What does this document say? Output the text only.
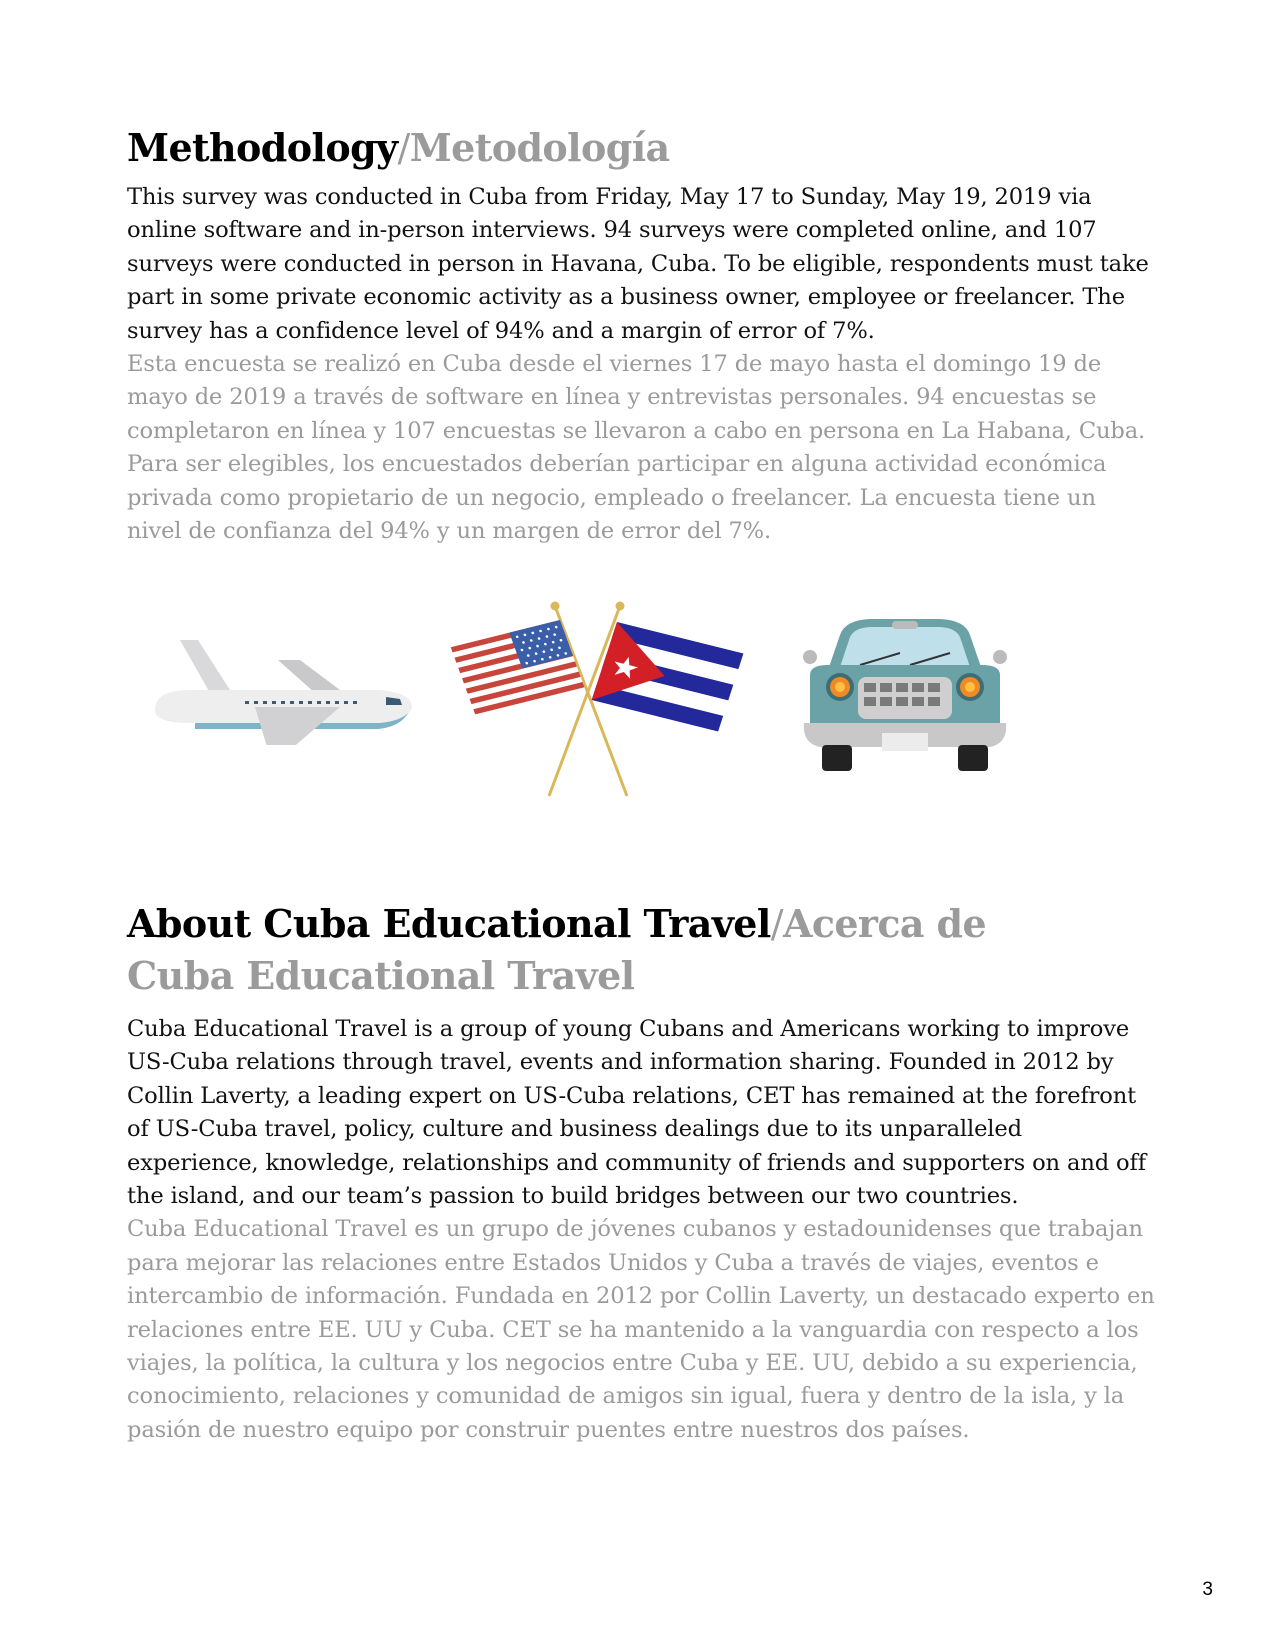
Methodology/Metodología

This survey was conducted in Cuba from Friday, May 17 to Sunday, May 19, 2019 via online software and in-person interviews. 94 surveys were completed online, and 107 surveys were conducted in person in Havana, Cuba. To be eligible, respondents must take part in some private economic activity as a business owner, employee or freelancer. The survey has a confidence level of 94% and a margin of error of 7%.

Esta encuesta se realizó en Cuba desde el viernes 17 de mayo hasta el domingo 19 de mayo de 2019 a través de software en línea y entrevistas personales. 94 encuestas se completaron en línea y 107 encuestas se llevaron a cabo en persona en La Habana, Cuba. Para ser elegibles, los encuestados deberían participar en alguna actividad económica privada como propietario de un negocio, empleado o freelancer. La encuesta tiene un nivel de confianza del 94% y un margen de error del 7%.

About Cuba Educational Travel/Acerca de Cuba Educational Travel

Cuba Educational Travel is a group of young Cubans and Americans working to improve US-Cuba relations through travel, events and information sharing. Founded in 2012 by Collin Laverty, a leading expert on US-Cuba relations, CET has remained at the forefront of US-Cuba travel, policy, culture and business dealings due to its unparalleled experience, knowledge, relationships and community of friends and supporters on and off the island, and our team’s passion to build bridges between our two countries.

Cuba Educational Travel es un grupo de jóvenes cubanos y estadounidenses que trabajan para mejorar las relaciones entre Estados Unidos y Cuba a través de viajes, eventos e intercambio de información. Fundada en 2012 por Collin Laverty, un destacado experto en relaciones entre EE. UU y Cuba. CET se ha mantenido a la vanguardia con respecto a los viajes, la política, la cultura y los negocios entre Cuba y EE. UU, debido a su experiencia, conocimiento, relaciones y comunidad de amigos sin igual, fuera y dentro de la isla, y la pasión de nuestro equipo por construir puentes entre nuestros dos países.

3
